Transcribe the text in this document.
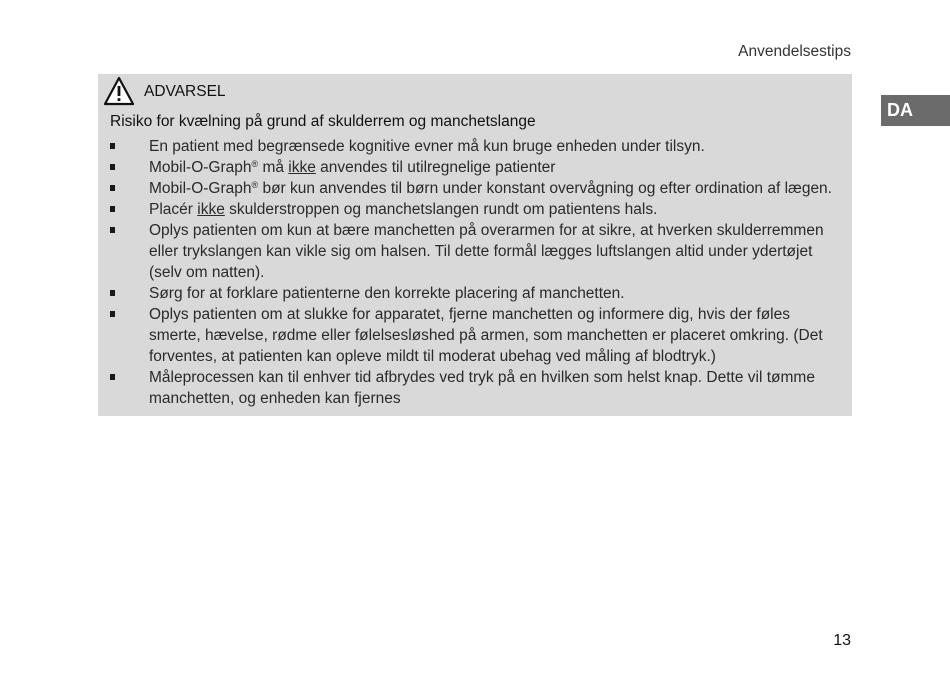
Anvendelsestips
DA
ADVARSEL
Risiko for kvælning på grund af skulderrem og manchetslange
En patient med begrænsede kognitive evner må kun bruge enheden under tilsyn.
Mobil-O-Graph® må ikke anvendes til utilregnelige patienter
Mobil-O-Graph® bør kun anvendes til børn under konstant overvågning og efter ordination af lægen.
Placér ikke skulderstroppen og manchetslangen rundt om patientens hals.
Oplys patienten om kun at bære manchetten på overarmen for at sikre, at hverken skulderremmen eller trykslangen kan vikle sig om halsen. Til dette formål lægges luftslangen altid under ydertøjet (selv om natten).
Sørg for at forklare patienterne den korrekte placering af manchetten.
Oplys patienten om at slukke for apparatet, fjerne manchetten og informere dig, hvis der føles smerte, hævelse, rødme eller følelsesløshed på armen, som manchetten er placeret omkring. (Det forventes, at patienten kan opleve mildt til moderat ubehag ved måling af blodtryk.)
Måleprocessen kan til enhver tid afbrydes ved tryk på en hvilken som helst knap. Dette vil tømme manchetten, og enheden kan fjernes
13
